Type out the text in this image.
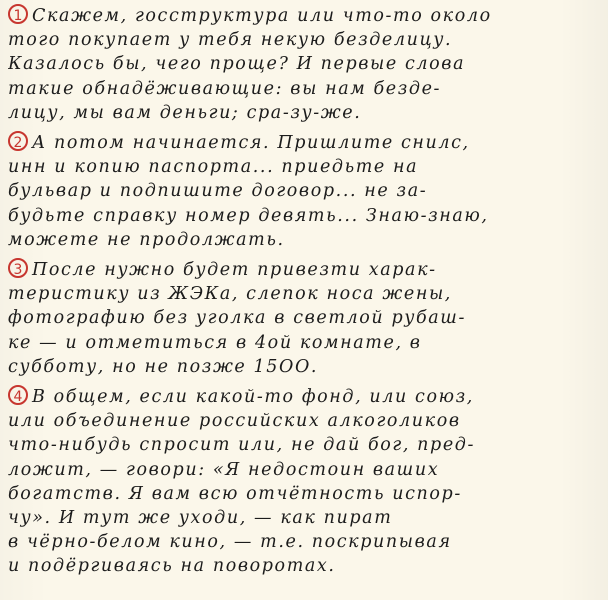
1 Скажем, госструктура или что-то около
того покупает у тебя некую безделицу.
Казалось бы, чего проще? И первые слова
такие обнадёживающие: вы нам безде-
лицу, мы вам деньги; сра-зу-же.
2 А потом начинается. Пришлите снилс,
инн и копию паспорта... приедьте на
бульвар и подпишите договор... не за-
будьте справку номер девять... Знаю-знаю,
можете не продолжать.
3 После нужно будет привезти харак-
теристику из ЖЭКа, слепок носа жены,
фотографию без уголка в светлой рубаш-
ке — и отметиться в 4ой комнате, в
субботу, но не позже 15ОО.
4 В общем, если какой-то фонд, или союз,
или объединение российских алкоголиков
что-нибудь спросит или, не дай бог, пред-
ложит, — говори: «Я недостоин ваших
богатств. Я вам всю отчётность испор-
чу». И тут же уходи, — как пират
в чёрно-белом кино, — т.е. поскрипывая
и подёргиваясь на поворотах.
